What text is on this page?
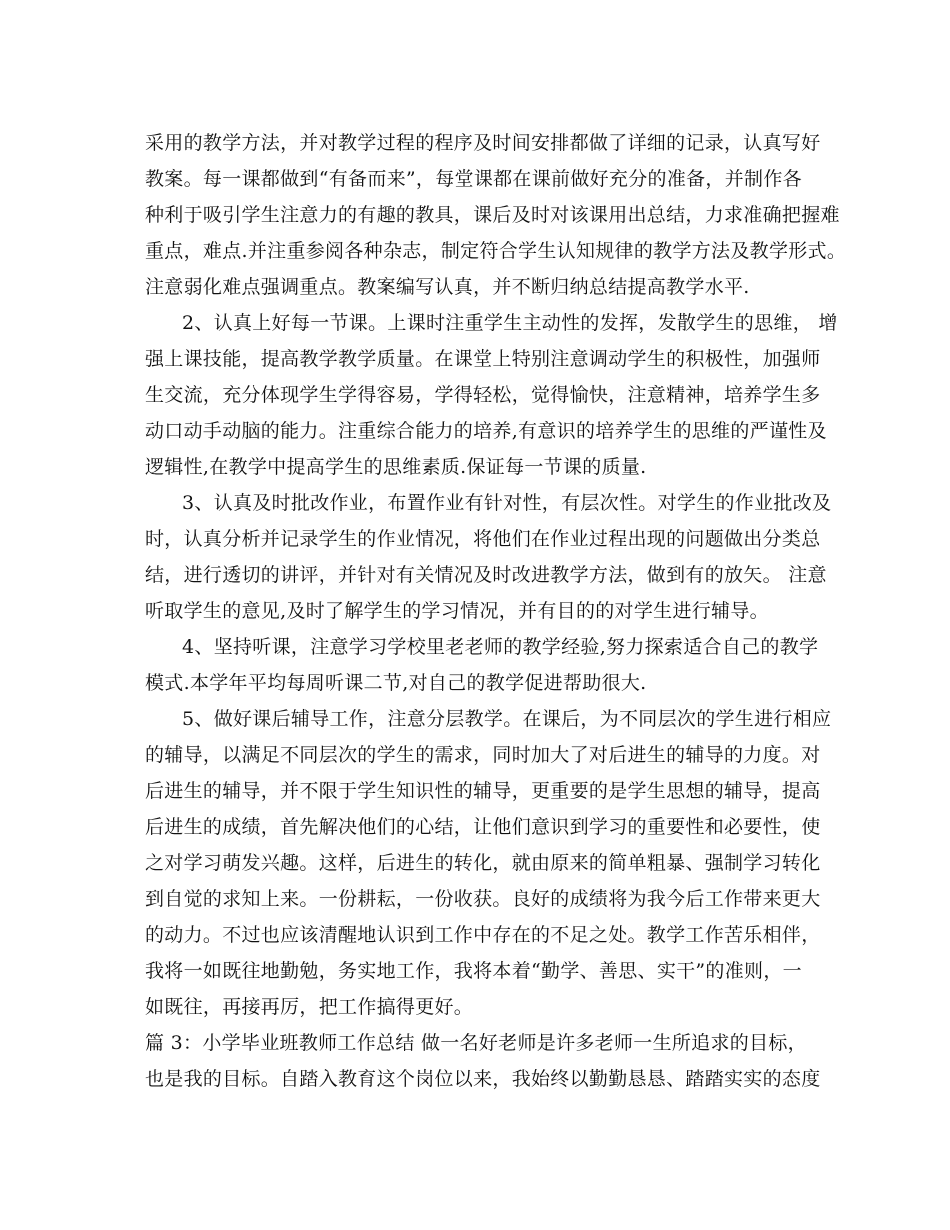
采用的教学方法，并对教学过程的程序及时间安排都做了详细的记录，认真写好
教案。每一课都做到“有备而来”，每堂课都在课前做好充分的准备，并制作各
种利于吸引学生注意力的有趣的教具，课后及时对该课用出总结，力求准确把握难
重点，难点.并注重参阅各种杂志，制定符合学生认知规律的教学方法及教学形式。
注意弱化难点强调重点。教案编写认真，并不断归纳总结提高教学水平.
2、认真上好每一节课。上课时注重学生主动性的发挥，发散学生的思维， 增
强上课技能，提高教学教学质量。在课堂上特别注意调动学生的积极性，加强师
生交流，充分体现学生学得容易，学得轻松，觉得愉快，注意精神，培养学生多
动口动手动脑的能力。注重综合能力的培养,有意识的培养学生的思维的严谨性及
逻辑性,在教学中提高学生的思维素质.保证每一节课的质量.
3、认真及时批改作业，布置作业有针对性，有层次性。对学生的作业批改及
时，认真分析并记录学生的作业情况，将他们在作业过程出现的问题做出分类总
结，进行透切的讲评，并针对有关情况及时改进教学方法，做到有的放矢。 注意
听取学生的意见,及时了解学生的学习情况，并有目的的对学生进行辅导。
4、坚持听课，注意学习学校里老老师的教学经验,努力探索适合自己的教学
模式.本学年平均每周听课二节,对自己的教学促进帮助很大.
5、做好课后辅导工作，注意分层教学。在课后，为不同层次的学生进行相应
的辅导，以满足不同层次的学生的需求，同时加大了对后进生的辅导的力度。对
后进生的辅导，并不限于学生知识性的辅导，更重要的是学生思想的辅导，提高
后进生的成绩，首先解决他们的心结，让他们意识到学习的重要性和必要性，使
之对学习萌发兴趣。这样，后进生的转化，就由原来的简单粗暴、强制学习转化
到自觉的求知上来。一份耕耘，一份收获。良好的成绩将为我今后工作带来更大
的动力。不过也应该清醒地认识到工作中存在的不足之处。教学工作苦乐相伴，
我将一如既往地勤勉，务实地工作，我将本着“勤学、善思、实干”的准则，一
如既往，再接再厉，把工作搞得更好。
篇 3：小学毕业班教师工作总结 做一名好老师是许多老师一生所追求的目标，
也是我的目标。自踏入教育这个岗位以来，我始终以勤勤恳恳、踏踏实实的态度
